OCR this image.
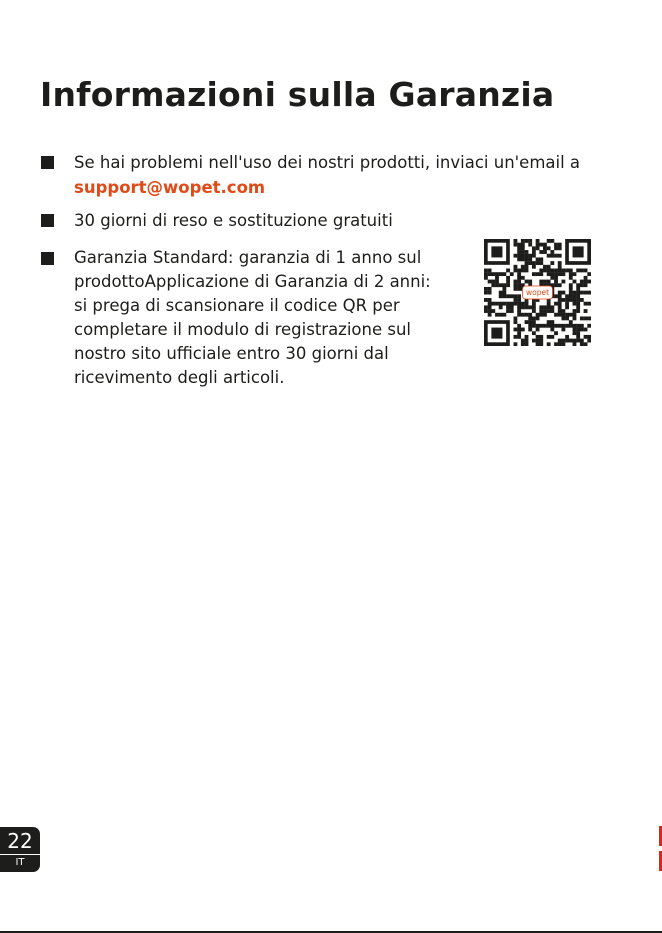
Informazioni sulla Garanzia
Se hai problemi nell'uso dei nostri prodotti, inviaci un'email a
support@wopet.com
30 giorni di reso e sostituzione gratuiti
Garanzia Standard: garanzia di 1 anno sul
prodottoApplicazione di Garanzia di 2 anni:
si prega di scansionare il codice QR per
completare il modulo di registrazione sul
nostro sito ufficiale entro 30 giorni dal
ricevimento degli articoli.
wopet
22
IT
